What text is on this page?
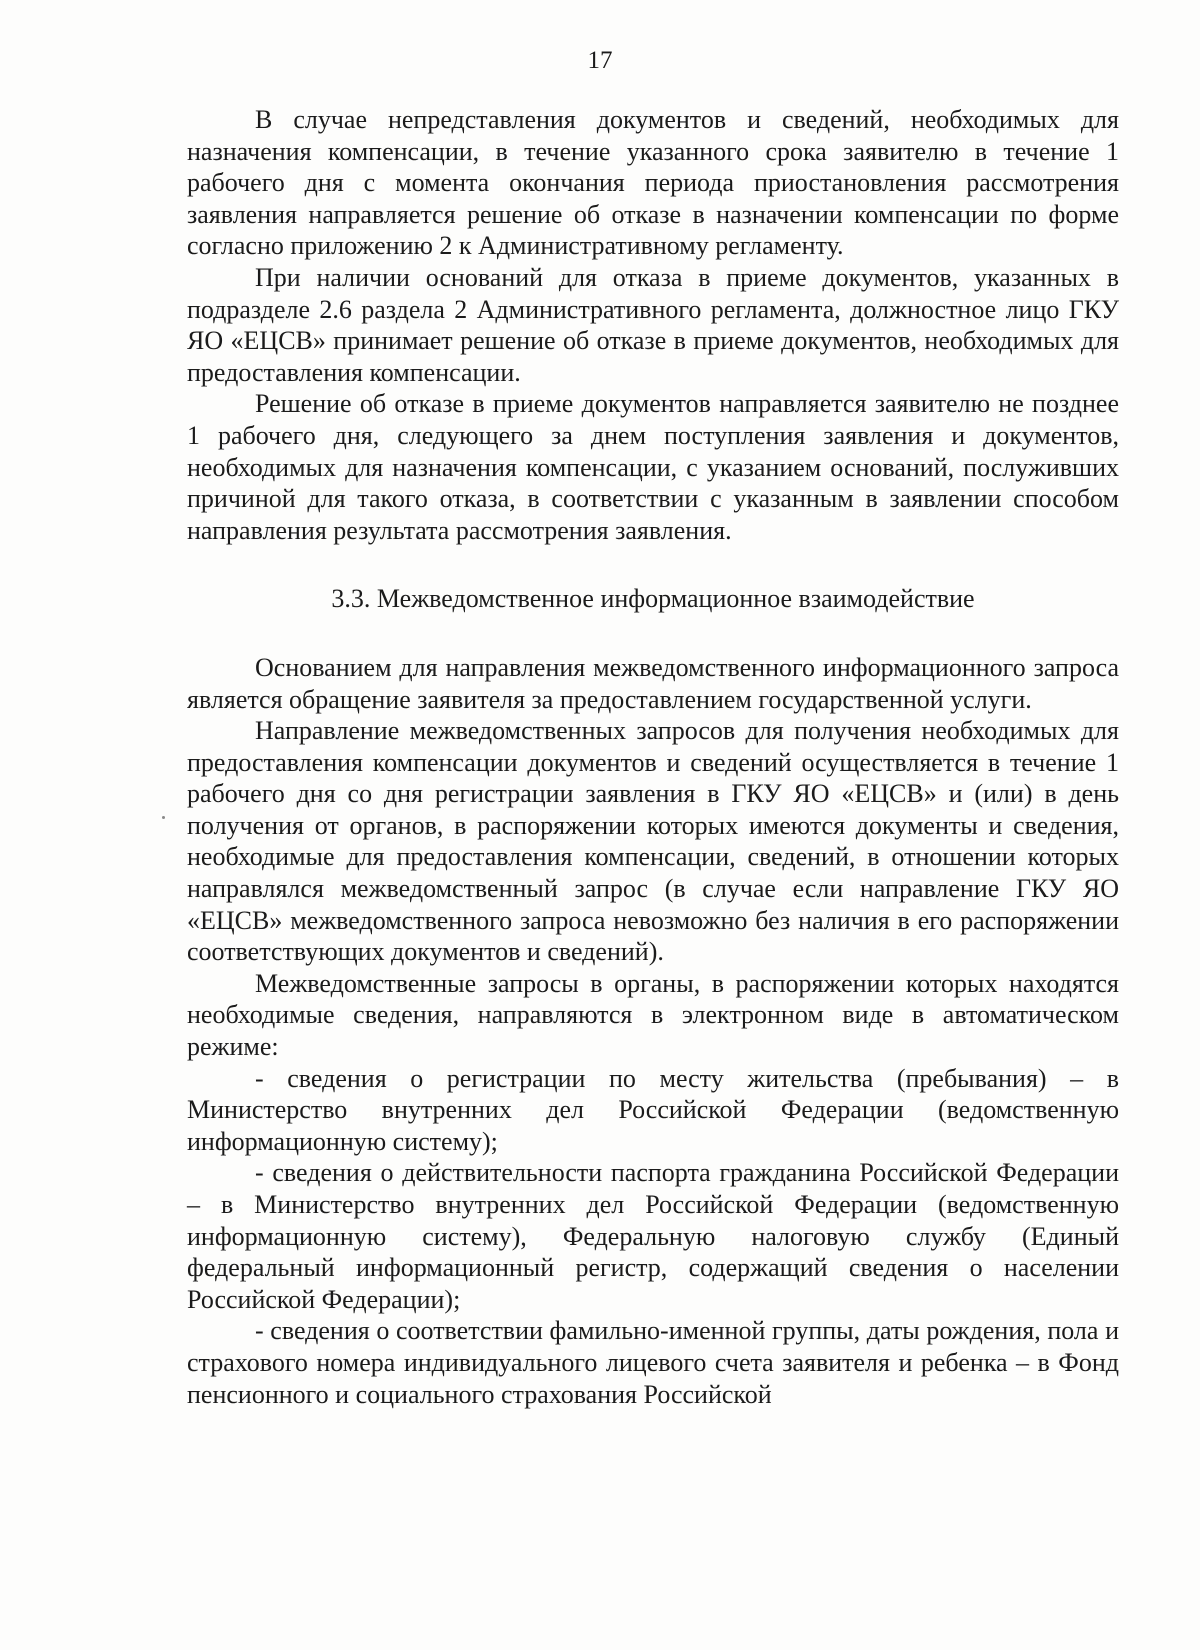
17

В случае непредставления документов и сведений, необходимых для назначения компенсации, в течение указанного срока заявителю в течение 1 рабочего дня с момента окончания периода приостановления рассмотрения заявления направляется решение об отказе в назначении компенсации по форме согласно приложению 2 к Административному регламенту.

При наличии оснований для отказа в приеме документов, указанных в подразделе 2.6 раздела 2 Административного регламента, должностное лицо ГКУ ЯО «ЕЦСВ» принимает решение об отказе в приеме документов, необходимых для предоставления компенсации.

Решение об отказе в приеме документов направляется заявителю не позднее 1 рабочего дня, следующего за днем поступления заявления и документов, необходимых для назначения компенсации, с указанием оснований, послуживших причиной для такого отказа, в соответствии с указанным в заявлении способом направления результата рассмотрения заявления.

3.3. Межведомственное информационное взаимодействие

Основанием для направления межведомственного информационного запроса является обращение заявителя за предоставлением государственной услуги.

Направление межведомственных запросов для получения необходимых для предоставления компенсации документов и сведений осуществляется в течение 1 рабочего дня со дня регистрации заявления в ГКУ ЯО «ЕЦСВ» и (или) в день получения от органов, в распоряжении которых имеются документы и сведения, необходимые для предоставления компенсации, сведений, в отношении которых направлялся межведомственный запрос (в случае если направление ГКУ ЯО «ЕЦСВ» межведомственного запроса невозможно без наличия в его распоряжении соответствующих документов и сведений).

Межведомственные запросы в органы, в распоряжении которых находятся необходимые сведения, направляются в электронном виде в автоматическом режиме:

- сведения о регистрации по месту жительства (пребывания) – в Министерство внутренних дел Российской Федерации (ведомственную информационную систему);

- сведения о действительности паспорта гражданина Российской Федерации – в Министерство внутренних дел Российской Федерации (ведомственную информационную систему), Федеральную налоговую службу (Единый федеральный информационный регистр, содержащий сведения о населении Российской Федерации);

- сведения о соответствии фамильно-именной группы, даты рождения, пола и страхового номера индивидуального лицевого счета заявителя и ребенка – в Фонд пенсионного и социального страхования Российской
